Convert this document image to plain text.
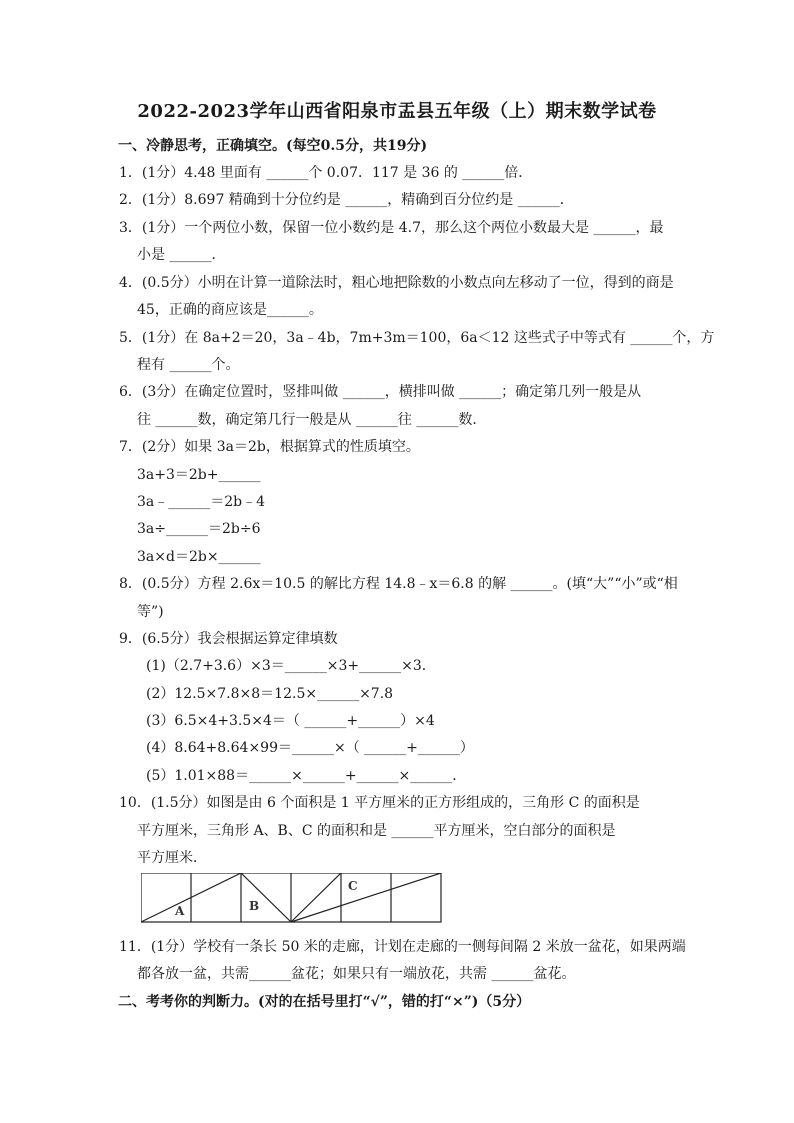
2022-2023学年山西省阳泉市盂县五年级（上）期末数学试卷
一、冷静思考，正确填空。(每空0.5分，共19分)
1．(1分）4.48 里面有 ______个 0.07．117 是 36 的 ______倍．
2．(1分）8.697 精确到十分位约是 ______，精确到百分位约是 ______．
3．(1分）一个两位小数，保留一位小数约是 4.7，那么这个两位小数最大是 ______，最
小是 ______．
4．(0.5分）小明在计算一道除法时，粗心地把除数的小数点向左移动了一位，得到的商是
45，正确的商应该是______。
5．(1分）在 8a+2＝20，3a﹣4b，7m+3m＝100，6a＜12 这些式子中等式有 ______个，方
程有 ______个。
6．(3分）在确定位置时，竖排叫做 ______，横排叫做 ______；确定第几列一般是从
往 ______数，确定第几行一般是从 ______往 ______数．
7．(2分）如果 3a＝2b，根据算式的性质填空。
3a+3＝2b+______
3a﹣______＝2b﹣4
3a÷______＝2b÷6
3a×d＝2b×______
8．(0.5分）方程 2.6x＝10.5 的解比方程 14.8﹣x＝6.8 的解 ______。(填“大”“小”或“相
等”)
9．(6.5分）我会根据运算定律填数
(1)（2.7+3.6）×3＝______×3+______×3．
(2）12.5×7.8×8＝12.5×______×7.8
(3）6.5×4+3.5×4＝（ ______+______）×4
(4）8.64+8.64×99＝______×（ ______+______）
(5）1.01×88＝______×______+______×______．
10．(1.5分）如图是由 6 个面积是 1 平方厘米的正方形组成的，三角形 C 的面积是
平方厘米，三角形 A、B、C 的面积和是 ______平方厘米，空白部分的面积是
平方厘米．
11．(1分）学校有一条长 50 米的走廊，计划在走廊的一侧每间隔 2 米放一盆花，如果两端
都各放一盆，共需______盆花；如果只有一端放花，共需 ______盆花。
A	B
C
二、考考你的判断力。(对的在括号里打“√”，错的打“×”)（5分）
